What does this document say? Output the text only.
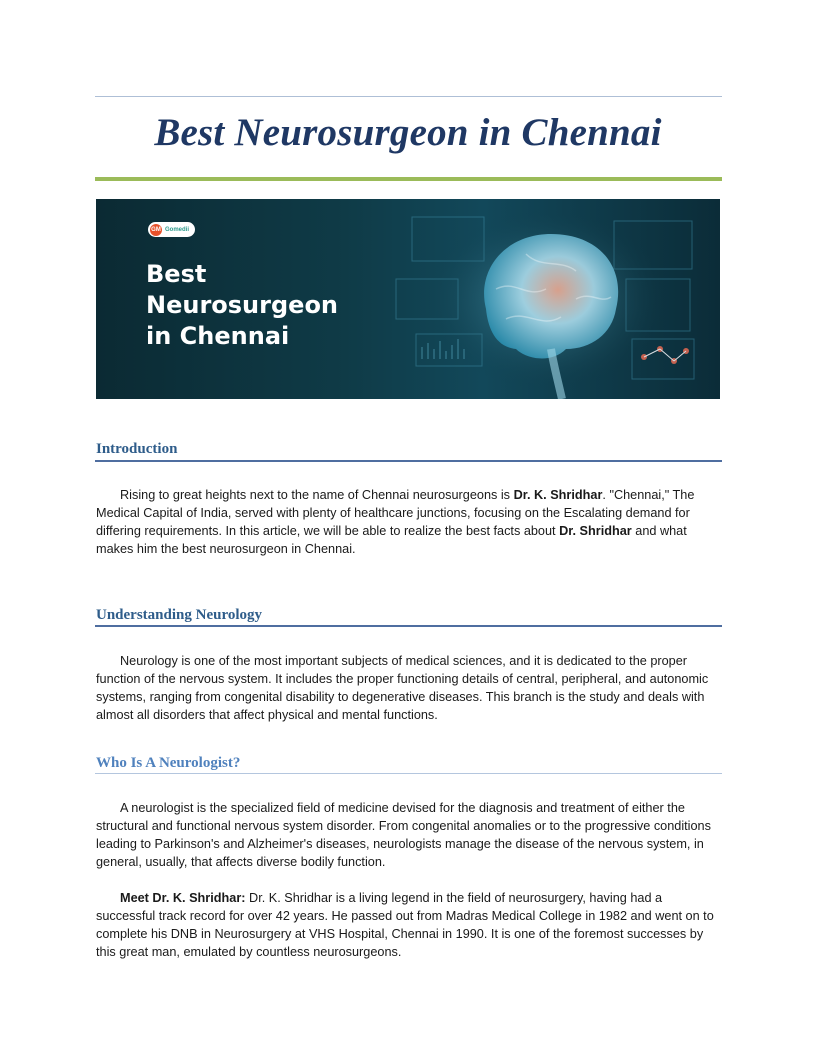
Best Neurosurgeon in Chennai
GM Gomedii
Best
Neurosurgeon
in Chennai
Introduction
Rising to great heights next to the name of Chennai neurosurgeons is Dr. K. Shridhar. "Chennai," The Medical Capital of India, served with plenty of healthcare junctions, focusing on the Escalating demand for differing requirements. In this article, we will be able to realize the best facts about Dr. Shridhar and what makes him the best neurosurgeon in Chennai.
Understanding Neurology
Neurology is one of the most important subjects of medical sciences, and it is dedicated to the proper function of the nervous system. It includes the proper functioning details of central, peripheral, and autonomic systems, ranging from congenital disability to degenerative diseases. This branch is the study and deals with almost all disorders that affect physical and mental functions.
Who Is A Neurologist?
A neurologist is the specialized field of medicine devised for the diagnosis and treatment of either the structural and functional nervous system disorder. From congenital anomalies or to the progressive conditions leading to Parkinson's and Alzheimer's diseases, neurologists manage the disease of the nervous system, in general, usually, that affects diverse bodily function.
Meet Dr. K. Shridhar: Dr. K. Shridhar is a living legend in the field of neurosurgery, having had a successful track record for over 42 years. He passed out from Madras Medical College in 1982 and went on to complete his DNB in Neurosurgery at VHS Hospital, Chennai in 1990. It is one of the foremost successes by this great man, emulated by countless neurosurgeons.
